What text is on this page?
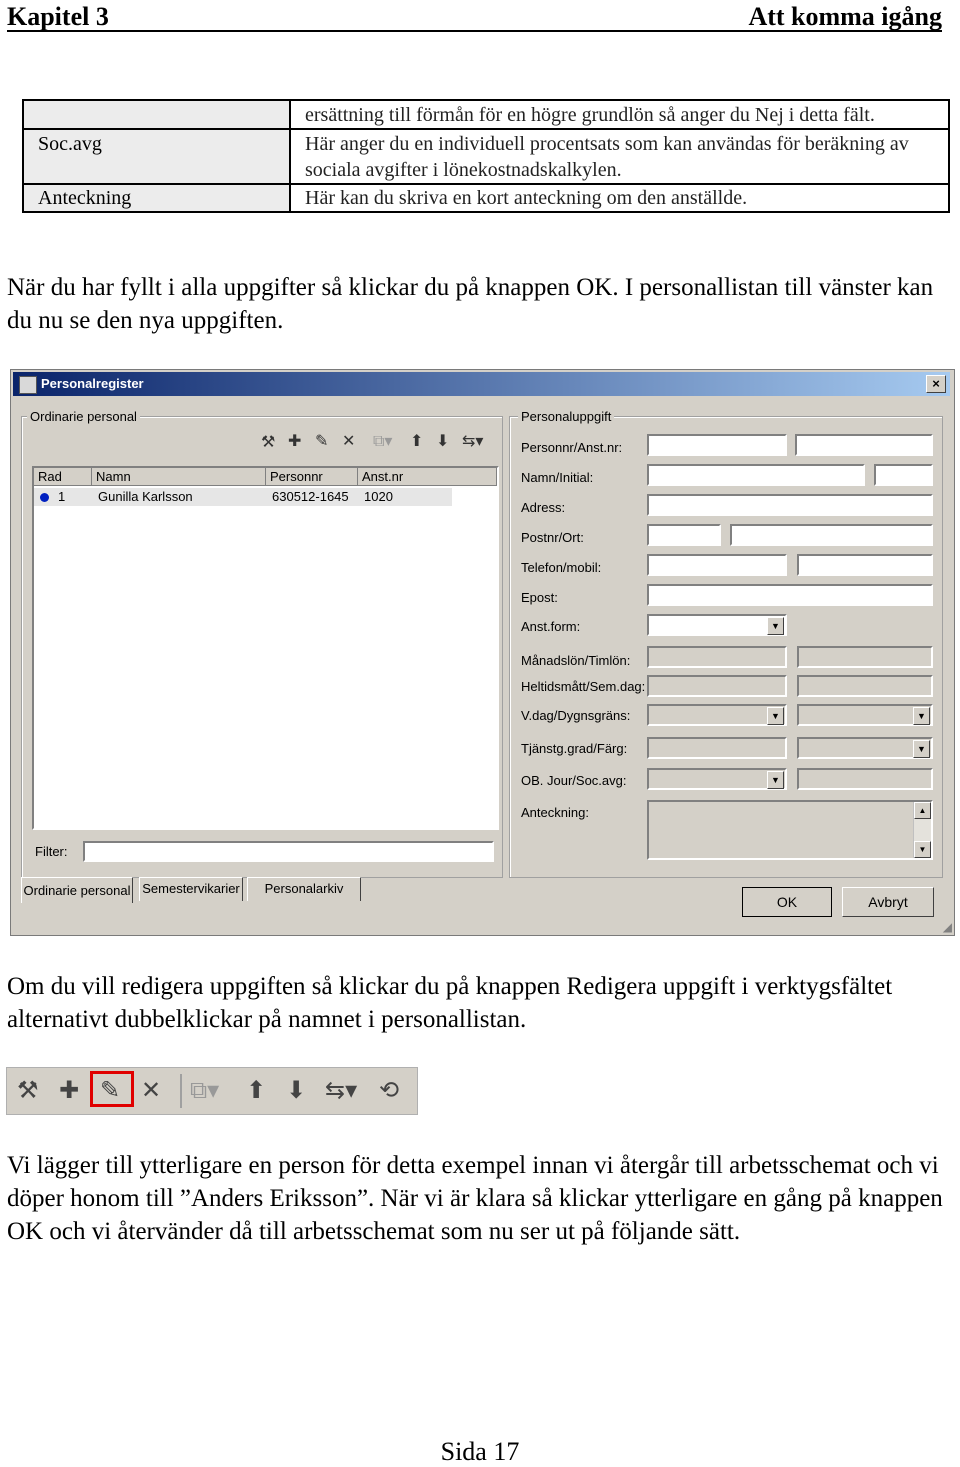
Kapitel 3	Att komma igång
	ersättning till förmån för en högre grundlön så anger du Nej i detta fält.
Soc.avg	Här anger du en individuell procentsats som kan användas för beräkning av sociala avgifter i lönekostnadskalkylen.
Anteckning	Här kan du skriva en kort anteckning om den anställde.
När du har fyllt i alla uppgifter så klickar du på knappen OK. I personallistan till vänster kan du nu se den nya uppgiften.
Personalregister	×
Ordinarie personal
⚒ ✚ ✎ ✕ ⧉▾ ⬆ ⬇ ⇆▾
Rad	Namn	Personnr	Anst.nr
1	Gunilla Karlsson	630512-1645 1020
Filter:
Ordinarie personal Semestervikarier	Personalarkiv
Personaluppgift
Personnr/Anst.nr:
Namn/Initial:
Adress:
Postnr/Ort:
Telefon/mobil:
Epost:
Anst.form:	▼
Månadslön/Timlön:
Heltidsmått/Sem.dag:
V.dag/Dygnsgräns:	▼	▼
Tjänstg.grad/Färg:	▼
OB. Jour/Soc.avg:	▼
Anteckning:	▲
▼
OK	Avbryt
◢
Om du vill redigera uppgiften så klickar du på knappen Redigera uppgift i verktygsfältet alternativt dubbelklickar på namnet i personallistan.
⚒ ✚ ✎ ✕ ⧉▾ ⬆ ⬇ ⇆▾ ⟲
Vi lägger till ytterligare en person för detta exempel innan vi återgår till arbetsschemat och vi döper honom till ”Anders Eriksson”. När vi är klara så klickar ytterligare en gång på knappen OK och vi återvänder då till arbetsschemat som nu ser ut på följande sätt.
Sida 17
